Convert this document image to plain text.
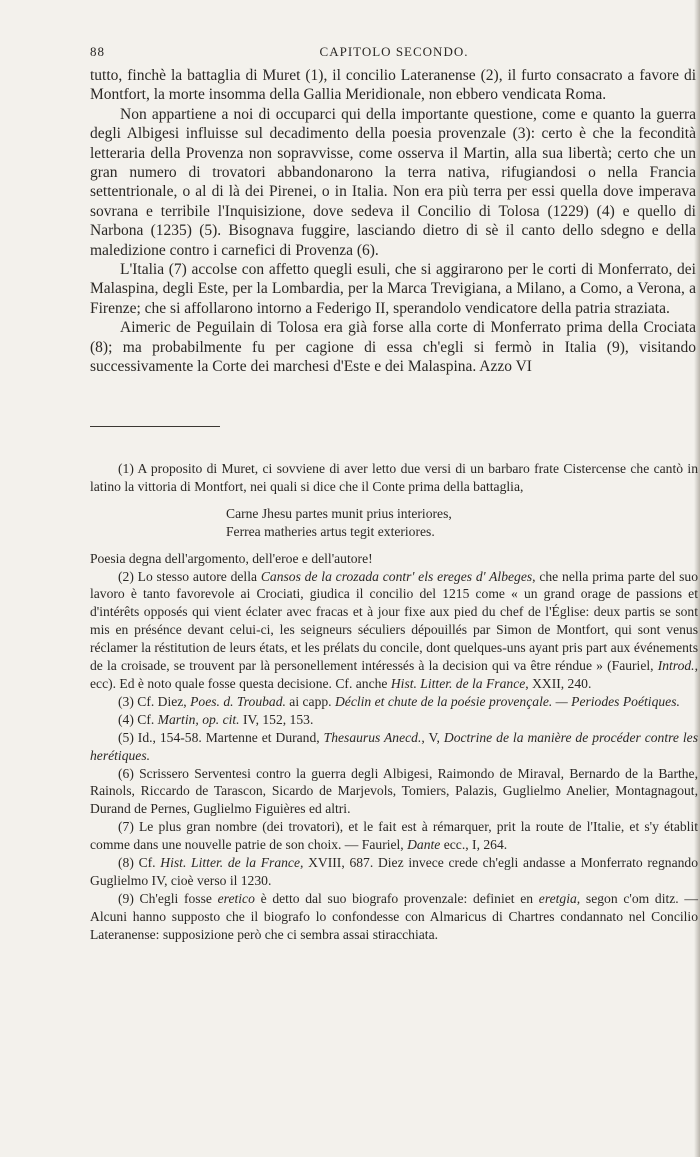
88	CAPITOLO SECONDO.

tutto, finchè la battaglia di Muret (1), il concilio Lateranense (2), il furto consacrato a favore di Montfort, la morte insomma della Gallia Meridionale, non ebbero vendicata Roma.

Non appartiene a noi di occuparci qui della importante questione, come e quanto la guerra degli Albigesi influisse sul decadimento della poesia provenzale (3): certo è che la fecondità letteraria della Provenza non sopravvisse, come osserva il Martin, alla sua libertà; certo che un gran numero di trovatori abbandonarono la terra nativa, rifugiandosi o nella Francia settentrionale, o al di là dei Pirenei, o in Italia. Non era più terra per essi quella dove imperava sovrana e terribile l'Inquisizione, dove sedeva il Concilio di Tolosa (1229) (4) e quello di Narbona (1235) (5). Bisognava fuggire, lasciando dietro di sè il canto dello sdegno e della maledizione contro i carnefici di Provenza (6).

L'Italia (7) accolse con affetto quegli esuli, che si aggirarono per le corti di Monferrato, dei Malaspina, degli Este, per la Lombardia, per la Marca Trevigiana, a Milano, a Como, a Verona, a Firenze; che si affollarono intorno a Federigo II, sperandolo vendicatore della patria straziata.

Aimeric de Peguilain di Tolosa era già forse alla corte di Monferrato prima della Crociata (8); ma probabilmente fu per cagione di essa ch'egli si fermò in Italia (9), visitando successivamente la Corte dei marchesi d'Este e dei Malaspina. Azzo VI

(1) A proposito di Muret, ci sovviene di aver letto due versi di un barbaro frate Cistercense che cantò in latino la vittoria di Montfort, nei quali si dice che il Conte prima della battaglia,

Carne Jhesu partes munit prius interiores,
Ferrea matheries artus tegit exteriores.

Poesia degna dell'argomento, dell'eroe e dell'autore!

(2) Lo stesso autore della Cansos de la crozada contr' els ereges d' Albeges, che nella prima parte del suo lavoro è tanto favorevole ai Crociati, giudica il concilio del 1215 come « un grand orage de passions et d'intérêts opposés qui vient éclater avec fracas et à jour fixe aux pied du chef de l'Église: deux partis se sont mis en présénce devant celui-ci, les seigneurs séculiers dépouillés par Simon de Montfort, qui sont venus réclamer la réstitution de leurs états, et les prélats du concile, dont quelques-uns ayant pris part aux événements de la croisade, se trouvent par là personellement intéressés à la decision qui va être réndue » (Fauriel, Introd., ecc). Ed è noto quale fosse questa decisione. Cf. anche Hist. Litter. de la France, XXII, 240.

(3) Cf. Diez, Poes. d. Troubad. ai capp. Déclin et chute de la poésie provençale. — Periodes Poétiques.

(4) Cf. Martin, op. cit. IV, 152, 153.

(5) Id., 154-58. Martenne et Durand, Thesaurus Anecd., V, Doctrine de la manière de procéder contre les herétiques.

(6) Scrissero Serventesi contro la guerra degli Albigesi, Raimondo de Miraval, Bernardo de la Barthe, Rainols, Riccardo de Tarascon, Sicardo de Marjevols, Tomiers, Palazis, Guglielmo Anelier, Montagnagout, Durand de Pernes, Guglielmo Figuières ed altri.

(7) Le plus gran nombre (dei trovatori), et le fait est à rémarquer, prit la route de l'Italie, et s'y établit comme dans une nouvelle patrie de son choix. — Fauriel, Dante ecc., I, 264.

(8) Cf. Hist. Litter. de la France, XVIII, 687. Diez invece crede ch'egli andasse a Monferrato regnando Guglielmo IV, cioè verso il 1230.

(9) Ch'egli fosse eretico è detto dal suo biografo provenzale: definiet en eretgia, segon c'om ditz. — Alcuni hanno supposto che il biografo lo confondesse con Almaricus di Chartres condannato nel Concilio Lateranense: supposizione però che ci sembra assai stiracchiata.
